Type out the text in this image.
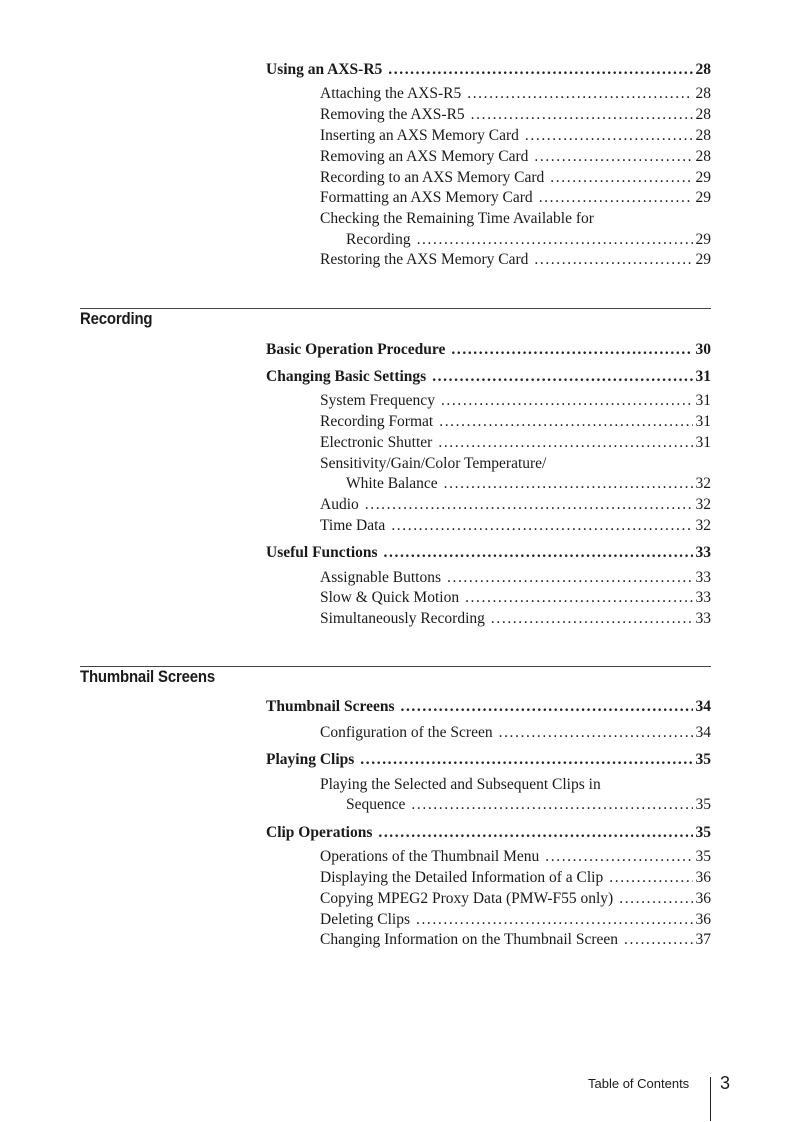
Using an AXS-R5 .....	28
Attaching the AXS-R5 .....	28
Removing the AXS-R5 .....	28
Inserting an AXS Memory Card .....	28
Removing an AXS Memory Card .....	28
Recording to an AXS Memory Card .....	29
Formatting an AXS Memory Card .....	29
Checking the Remaining Time Available for
Recording .....	29
Restoring the AXS Memory Card .....	29
Recording
Basic Operation Procedure .....	30
Changing Basic Settings .....	31
System Frequency .....	31
Recording Format .....	31
Electronic Shutter .....	31
Sensitivity/Gain/Color Temperature/
White Balance .....	32
Audio .....	32
Time Data .....	32
Useful Functions .....	33
Assignable Buttons .....	33
Slow & Quick Motion .....	33
Simultaneously Recording .....	33
Thumbnail Screens
Thumbnail Screens .....	34
Configuration of the Screen .....	34
Playing Clips .....	35
Playing the Selected and Subsequent Clips in
Sequence .....	35
Clip Operations .....	35
Operations of the Thumbnail Menu .....	35
Displaying the Detailed Information of a Clip .....	36
Copying MPEG2 Proxy Data (PMW-F55 only) .....	36
Deleting Clips .....	36
Changing Information on the Thumbnail Screen .....	37
Table of Contents 3
